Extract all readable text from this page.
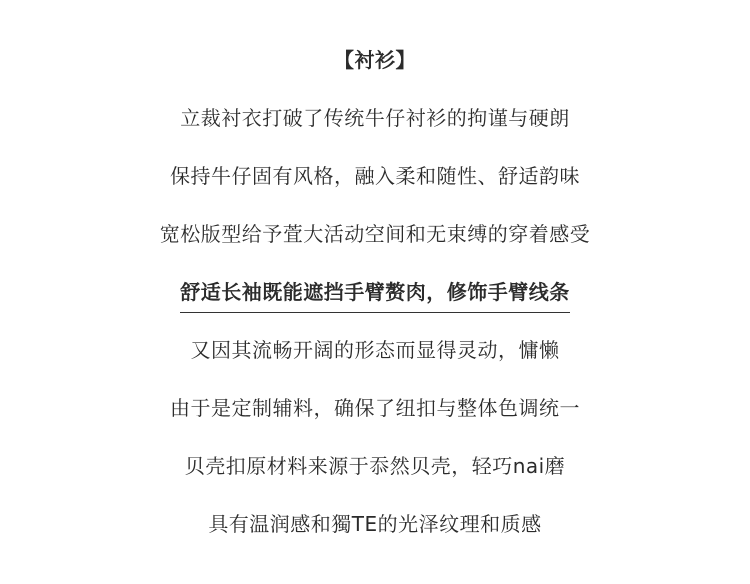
【衬衫】
立裁衬衣打破了传统牛仔衬衫的拘谨与硬朗
保持牛仔固有风格，融入柔和随性、舒适韵味
宽松版型给予萓大活动空间和无束缚的穿着感受
舒适长袖既能遮挡手臂赘肉，修饰手臂线条
又因其流畅开阔的形态而显得灵动，慵懒
由于是定制辅料，确保了纽扣与整体色调统一
贝壳扣原材料来源于忝然贝壳，轻巧nai磨
具有温润感和獨TE的光泽纹理和质感
